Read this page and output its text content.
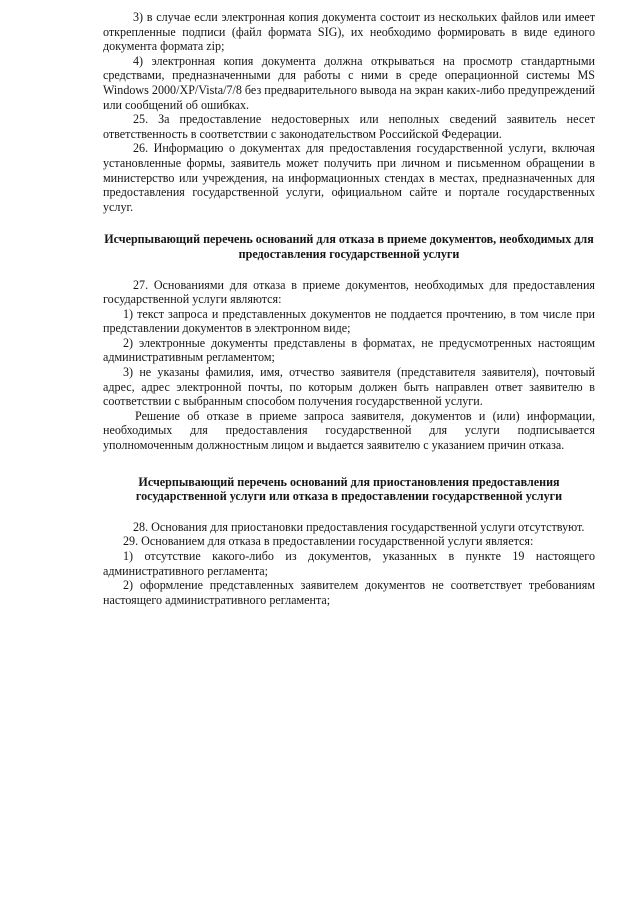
3) в случае если электронная копия документа состоит из нескольких файлов или имеет открепленные подписи (файл формата SIG), их необходимо формировать в виде единого документа формата zip;

4) электронная копия документа должна открываться на просмотр стандартными средствами, предназначенными для работы с ними в среде операционной системы MS Windows 2000/XP/Vista/7/8 без предварительного вывода на экран каких-либо предупреждений или сообщений об ошибках.

25. За предоставление недостоверных или неполных сведений заявитель несет ответственность в соответствии с законодательством Российской Федерации.

26. Информацию о документах для предоставления государственной услуги, включая установленные формы, заявитель может получить при личном и письменном обращении в министерство или учреждения, на информационных стендах в местах, предназначенных для предоставления государственной услуги, официальном сайте и портале государственных услуг.

Исчерпывающий перечень оснований для отказа в приеме документов, необходимых для предоставления государственной услуги

27. Основаниями для отказа в приеме документов, необходимых для предоставления государственной услуги являются:

1) текст запроса и представленных документов не поддается прочтению, в том числе при представлении документов в электронном виде;

2) электронные документы представлены в форматах, не предусмотренных настоящим административным регламентом;

3) не указаны фамилия, имя, отчество заявителя (представителя заявителя), почтовый адрес, адрес электронной почты, по которым должен быть направлен ответ заявителю в соответствии с выбранным способом получения государственной услуги.

Решение об отказе в приеме запроса заявителя, документов и (или) информации, необходимых для предоставления государственной для услуги подписывается уполномоченным должностным лицом и выдается заявителю с указанием причин отказа.

Исчерпывающий перечень оснований для приостановления предоставления государственной услуги или отказа в предоставлении государственной услуги

28. Основания для приостановки предоставления государственной услуги отсутствуют.

29. Основанием для отказа в предоставлении государственной услуги является:

1) отсутствие какого-либо из документов, указанных в пункте 19 настоящего административного регламента;

2) оформление представленных заявителем документов не соответствует требованиям настоящего административного регламента;
